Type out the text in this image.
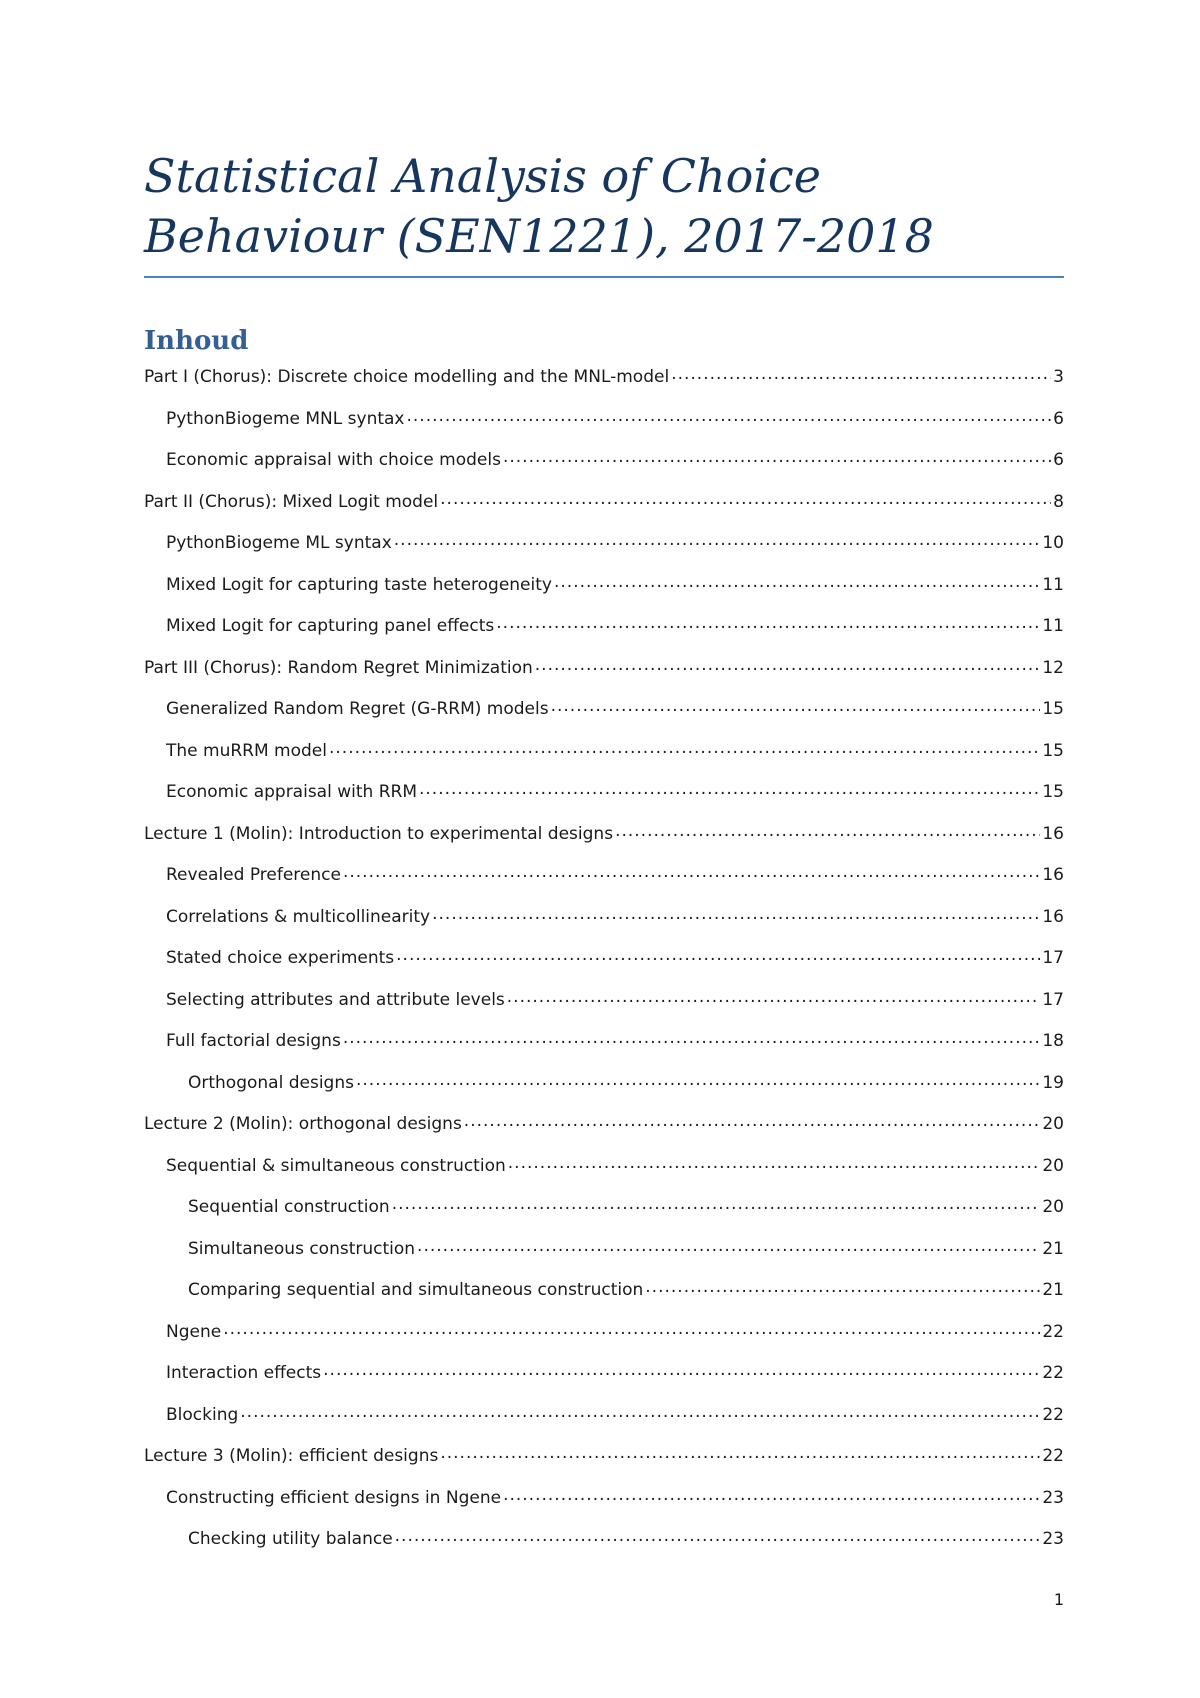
Statistical Analysis of Choice Behaviour (SEN1221), 2017-2018
Inhoud
Part I (Chorus): Discrete choice modelling and the MNL-model .....	3
PythonBiogeme MNL syntax .....	6
Economic appraisal with choice models .....	6
Part II (Chorus): Mixed Logit model .....	8
PythonBiogeme ML syntax .....	10
Mixed Logit for capturing taste heterogeneity .....	11
Mixed Logit for capturing panel effects .....	11
Part III (Chorus): Random Regret Minimization .....	12
Generalized Random Regret (G-RRM) models .....	15
The muRRM model .....	15
Economic appraisal with RRM .....	15
Lecture 1 (Molin): Introduction to experimental designs .....	16
Revealed Preference .....	16
Correlations & multicollinearity .....	16
Stated choice experiments .....	17
Selecting attributes and attribute levels .....	17
Full factorial designs .....	18
Orthogonal designs .....	19
Lecture 2 (Molin): orthogonal designs .....	20
Sequential & simultaneous construction .....	20
Sequential construction .....	20
Simultaneous construction .....	21
Comparing sequential and simultaneous construction .....	21
Ngene .....	22
Interaction effects .....	22
Blocking .....	22
Lecture 3 (Molin): efficient designs .....	22
Constructing efficient designs in Ngene .....	23
Checking utility balance .....	23
1
